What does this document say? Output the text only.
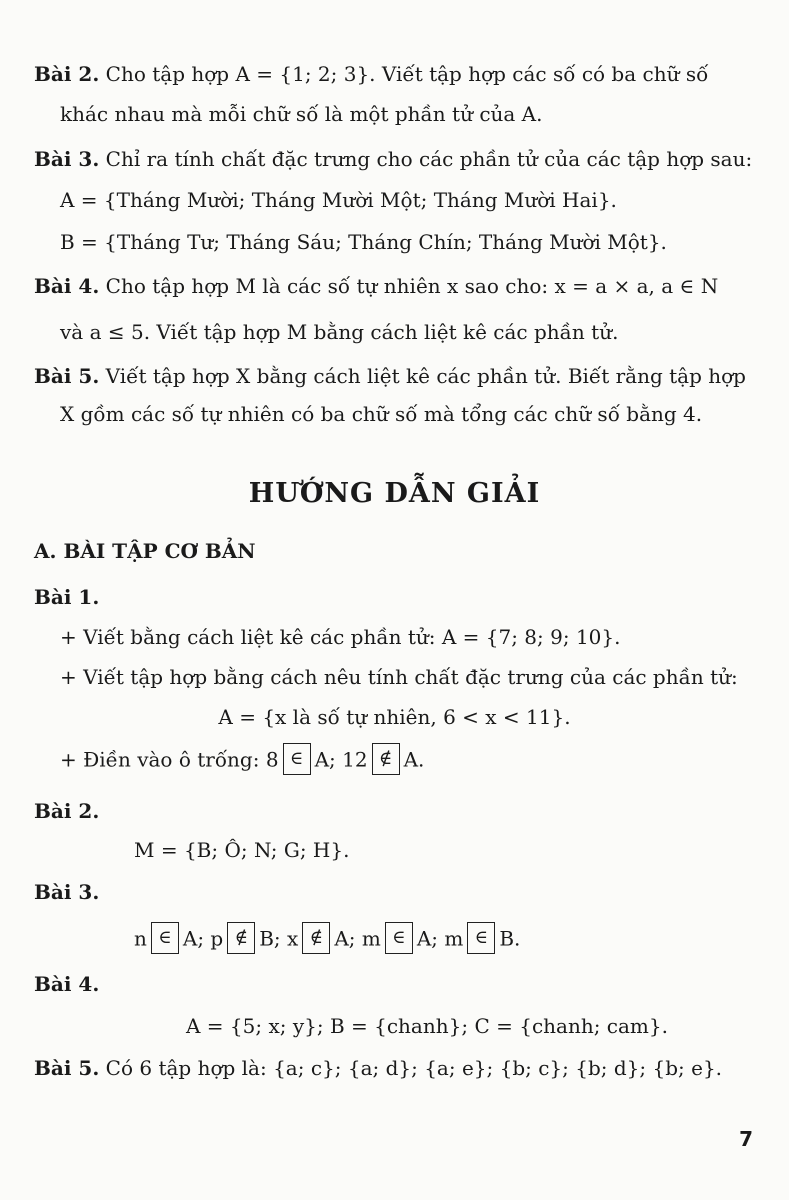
Bài 2. Cho tập hợp A = {1; 2; 3}. Viết tập hợp các số có ba chữ số
khác nhau mà mỗi chữ số là một phần tử của A.
Bài 3. Chỉ ra tính chất đặc trưng cho các phần tử của các tập hợp sau:
A = {Tháng Mười; Tháng Mười Một; Tháng Mười Hai}.
B = {Tháng Tư; Tháng Sáu; Tháng Chín; Tháng Mười Một}.
Bài 4. Cho tập hợp M là các số tự nhiên x sao cho: x = a × a, a ∈ N
và a ≤ 5. Viết tập hợp M bằng cách liệt kê các phần tử.
Bài 5. Viết tập hợp X bằng cách liệt kê các phần tử. Biết rằng tập hợp
X gồm các số tự nhiên có ba chữ số mà tổng các chữ số bằng 4.
HƯỚNG DẪN GIẢI
A. BÀI TẬP CƠ BẢN
Bài 1.
+ Viết bằng cách liệt kê các phần tử: A = {7; 8; 9; 10}.
+ Viết tập hợp bằng cách nêu tính chất đặc trưng của các phần tử:
A = {x là số tự nhiên, 6 < x < 11}.
+ Điền vào ô trống: 8 ∈ A; 12 ∉ A.
Bài 2.
M = {B; Ô; N; G; H}.
Bài 3.
n ∈ A; p ∉ B; x ∉ A; m ∈ A; m ∈ B.
Bài 4.
A = {5; x; y}; B = {chanh}; C = {chanh; cam}.
Bài 5. Có 6 tập hợp là: {a; c}; {a; d}; {a; e}; {b; c}; {b; d}; {b; e}.
7
